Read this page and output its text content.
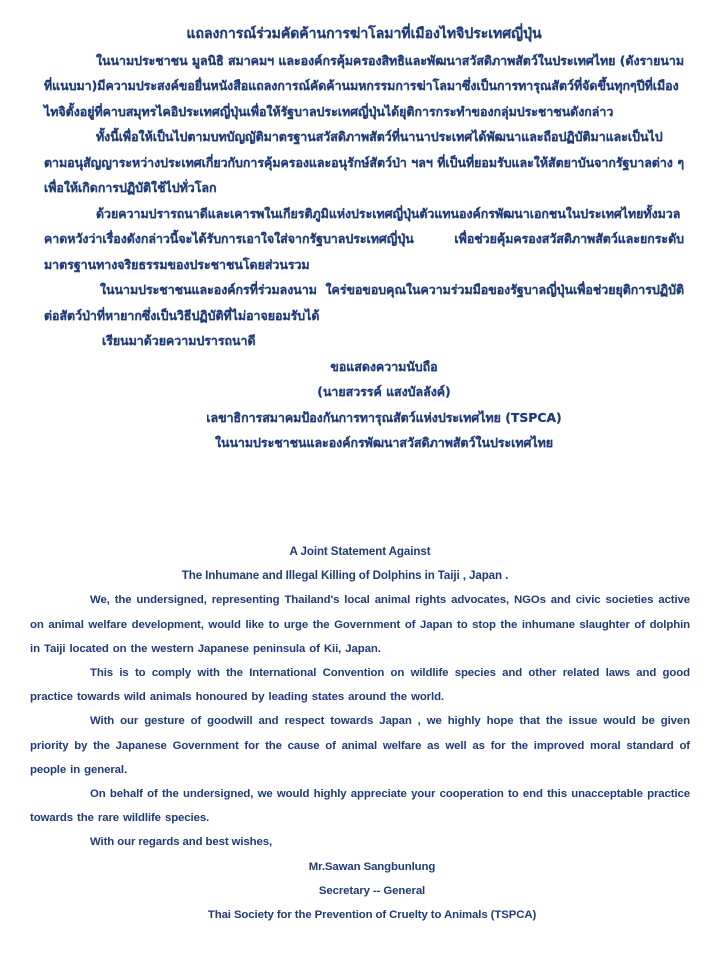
แถลงการณ์ร่วมคัดค้านการฆ่าโลมาที่เมืองไทจิประเทศญี่ปุ่น

ในนามประชาชน มูลนิธิ สมาคมฯ และองค์กรคุ้มครองสิทธิและพัฒนาสวัสดิภาพสัตว์ในประเทศไทย (ดังรายนามที่แนบมา)มีความประสงค์ขอยื่นหนังสือแถลงการณ์คัดค้านมหกรรมการฆ่าโลมาซึ่งเป็นการทารุณสัตว์ที่จัดขึ้นทุกๆปีที่เมืองไทจิตั้งอยู่ที่คาบสมุทรไคอิประเทศญี่ปุ่นเพื่อให้รัฐบาลประเทศญี่ปุ่นได้ยุติการกระทำของกลุ่มประชาชนดังกล่าว

ทั้งนี้เพื่อให้เป็นไปตามบทบัญญัติมาตรฐานสวัสดิภาพสัตว์ที่นานาประเทศได้พัฒนาและถือปฏิบัติมาและเป็นไปตามอนุสัญญาระหว่างประเทศเกี่ยวกับการคุ้มครองและอนุรักษ์สัตว์ป่า ฯลฯ ที่เป็นที่ยอมรับและให้สัตยาบันจากรัฐบาลต่าง ๆ เพื่อให้เกิดการปฏิบัติใช้ไปทั่วโลก

ด้วยความปรารถนาดีและเคารพในเกียรติภูมิแห่งประเทศญี่ปุ่นตัวแทนองค์กรพัฒนาเอกชนในประเทศไทยทั้งมวลคาดหวังว่าเรื่องดังกล่าวนี้จะได้รับการเอาใจใส่จากรัฐบาลประเทศญี่ปุ่น เพื่อช่วยคุ้มครองสวัสดิภาพสัตว์และยกระดับมาตรฐานทางจริยธรรมของประชาชนโดยส่วนรวม

ในนามประชาชนและองค์กรที่ร่วมลงนาม ใคร่ขอขอบคุณในความร่วมมือของรัฐบาลญี่ปุ่นเพื่อช่วยยุติการปฏิบัติต่อสัตว์ป่าที่หายากซึ่งเป็นวิธีปฏิบัติที่ไม่อาจยอมรับได้

เรียนมาด้วยความปรารถนาดี
ขอแสดงความนับถือ
(นายสวรรค์ แสงบัลลังค์)
เลขาธิการสมาคมป้องกันการทารุณสัตว์แห่งประเทศไทย (TSPCA)
ในนามประชาชนและองค์กรพัฒนาสวัสดิภาพสัตว์ในประเทศไทย
A Joint Statement Against
The Inhumane and Illegal Killing of Dolphins in Taiji , Japan .

We, the undersigned, representing Thailand's local animal rights advocates, NGOs and civic societies active on animal welfare development, would like to urge the Government of Japan to stop the inhumane slaughter of dolphin in Taiji located on the western Japanese peninsula of Kii, Japan.

This is to comply with the International Convention on wildlife species and other related laws and good practice towards wild animals honoured by leading states around the world.

With our gesture of goodwill and respect towards Japan , we highly hope that the issue would be given priority by the Japanese Government for the cause of animal welfare as well as for the improved moral standard of people in general.

On behalf of the undersigned, we would highly appreciate your cooperation to end this unacceptable practice towards the rare wildlife species.

With our regards and best wishes,
Mr.Sawan Sangbunlung
Secretary -- General
Thai Society for the Prevention of Cruelty to Animals (TSPCA)
